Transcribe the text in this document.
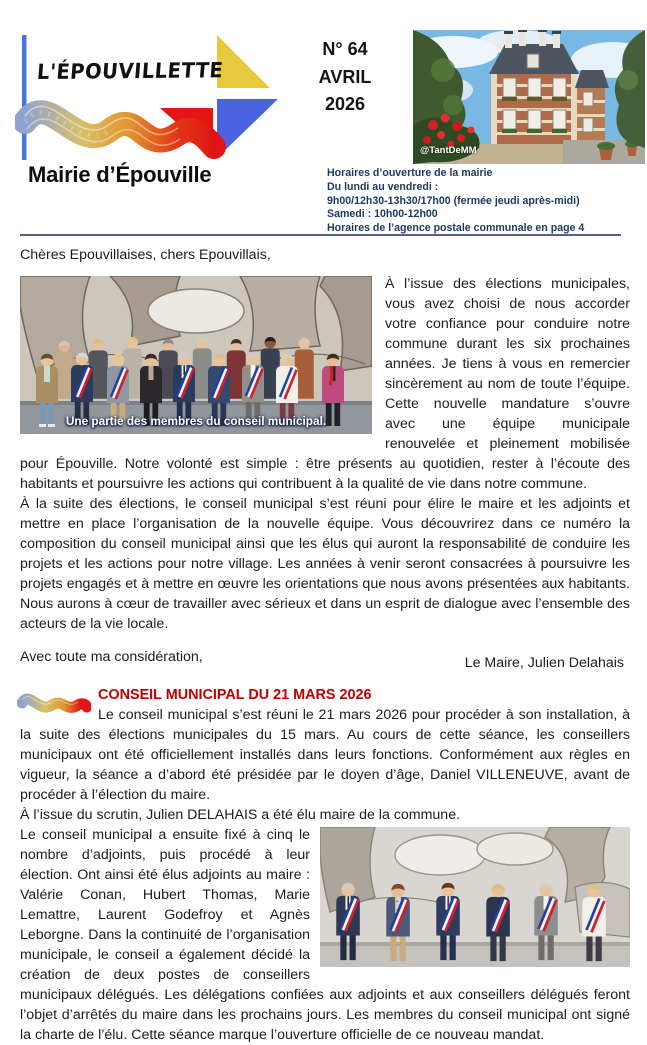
L'ÉPOUVILLETTE
Mairie d’Épouville
N° 64
AVRIL
2026
@TantDeMM
Horaires d’ouverture de la mairie
Du lundi au vendredi :
9h00/12h30-13h30/17h00 (fermée jeudi après-midi)
Samedi : 10h00-12h00
Horaires de l’agence postale communale en page 4

Chères Epouvillaises, chers Epouvillais,

Une partie des membres du conseil municipal.

À l’issue des élections municipales, vous avez choisi de nous accorder votre confiance pour conduire notre commune durant les six prochaines années. Je tiens à vous en remercier sincèrement au nom de toute l’équipe. Cette nouvelle mandature s’ouvre avec une équipe municipale renouvelée et pleinement mobilisée pour Épouville. Notre volonté est simple : être présents au quotidien, rester à l’écoute des habitants et poursuivre les actions qui contribuent à la qualité de vie dans notre commune.

À la suite des élections, le conseil municipal s’est réuni pour élire le maire et les adjoints et mettre en place l’organisation de la nouvelle équipe. Vous découvrirez dans ce numéro la composition du conseil municipal ainsi que les élus qui auront la responsabilité de conduire les projets et les actions pour notre village. Les années à venir seront consacrées à poursuivre les projets engagés et à mettre en œuvre les orientations que nous avons présentées aux habitants. Nous aurons à cœur de travailler avec sérieux et dans un esprit de dialogue avec l’ensemble des acteurs de la vie locale.

Avec toute ma considération,	Le Maire, Julien Delahais
CONSEIL MUNICIPAL DU 21 MARS 2026

Le conseil municipal s’est réuni le 21 mars 2026 pour procéder à son installation, à la suite des élections municipales du 15 mars. Au cours de cette séance, les conseillers municipaux ont été officiellement installés dans leurs fonctions. Conformément aux règles en vigueur, la séance a d’abord été présidée par le doyen d’âge, Daniel VILLENEUVE, avant de procéder à l’élection du maire.

À l’issue du scrutin, Julien DELAHAIS a été élu maire de la commune.

Le conseil municipal a ensuite fixé à cinq le nombre d’adjoints, puis procédé à leur élection. Ont ainsi été élus adjoints au maire : Valérie Conan, Hubert Thomas, Marie Lemattre, Laurent Godefroy et Agnès Leborgne. Dans la continuité de l’organisation municipale, le conseil a également décidé la création de deux postes de conseillers municipaux délégués. Les délégations confiées aux adjoints et aux conseillers délégués feront l’objet d’arrêtés du maire dans les prochains jours. Les membres du conseil municipal ont signé la charte de l’élu. Cette séance marque l’ouverture officielle de ce nouveau mandat.
